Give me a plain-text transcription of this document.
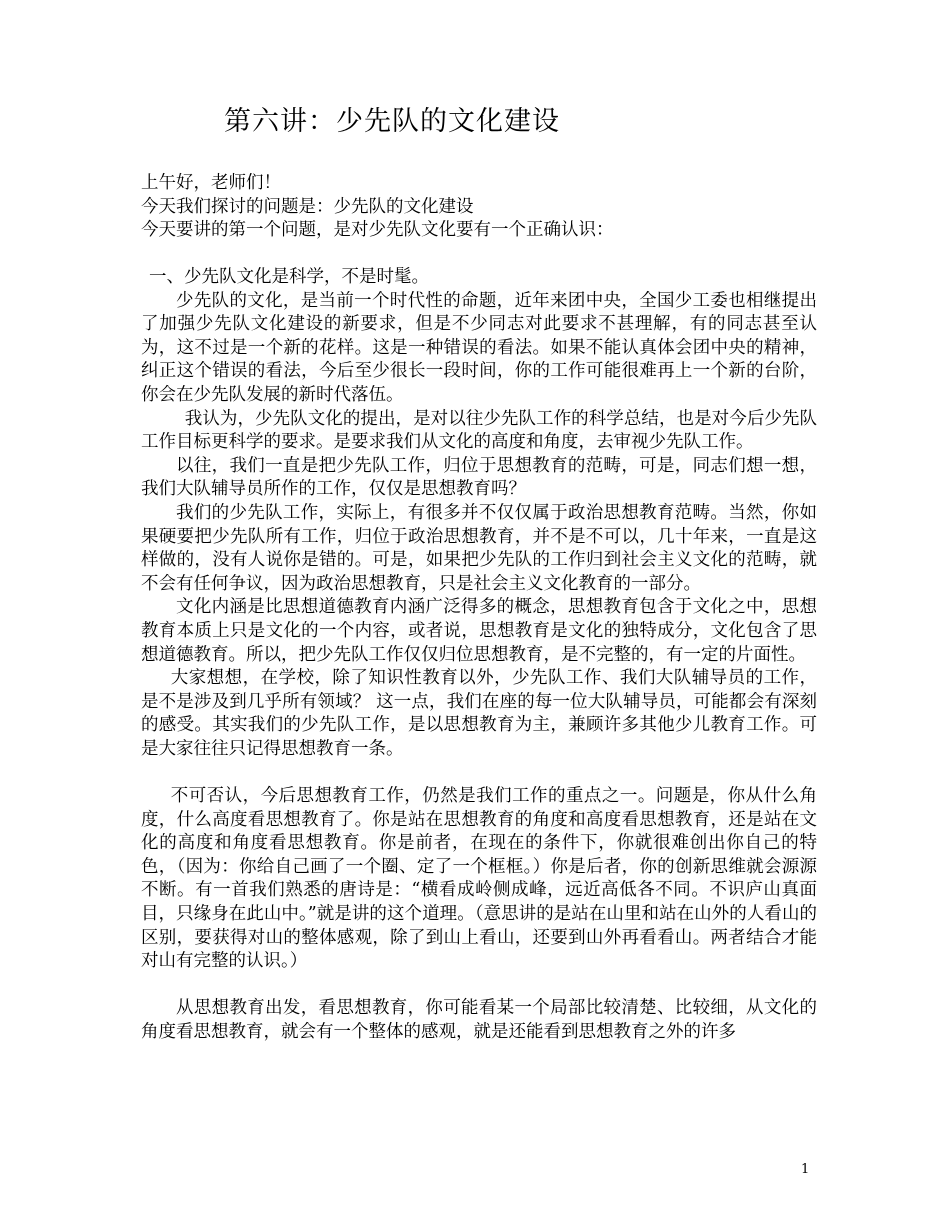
第六讲：少先队的文化建设
上午好，老师们！
今天我们探讨的问题是：少先队的文化建设
今天要讲的第一个问题，是对少先队文化要有一个正确认识：
一、少先队文化是科学，不是时髦。

少先队的文化，是当前一个时代性的命题，近年来团中央，全国少工委也相继提出了加强少先队文化建设的新要求，但是不少同志对此要求不甚理解，有的同志甚至认为，这不过是一个新的花样。这是一种错误的看法。如果不能认真体会团中央的精神，纠正这个错误的看法，今后至少很长一段时间，你的工作可能很难再上一个新的台阶，你会在少先队发展的新时代落伍。

我认为，少先队文化的提出，是对以往少先队工作的科学总结，也是对今后少先队工作目标更科学的要求。是要求我们从文化的高度和角度，去审视少先队工作。

以往，我们一直是把少先队工作，归位于思想教育的范畴，可是，同志们想一想，我们大队辅导员所作的工作，仅仅是思想教育吗？

我们的少先队工作，实际上，有很多并不仅仅属于政治思想教育范畴。当然，你如果硬要把少先队所有工作，归位于政治思想教育，并不是不可以，几十年来，一直是这样做的，没有人说你是错的。可是，如果把少先队的工作归到社会主义文化的范畴，就不会有任何争议，因为政治思想教育，只是社会主义文化教育的一部分。

文化内涵是比思想道德教育内涵广泛得多的概念，思想教育包含于文化之中，思想教育本质上只是文化的一个内容，或者说，思想教育是文化的独特成分，文化包含了思想道德教育。所以，把少先队工作仅仅归位思想教育，是不完整的，有一定的片面性。

大家想想，在学校，除了知识性教育以外，少先队工作、我们大队辅导员的工作，是不是涉及到几乎所有领域？ 这一点，我们在座的每一位大队辅导员，可能都会有深刻的感受。其实我们的少先队工作，是以思想教育为主，兼顾许多其他少儿教育工作。可是大家往往只记得思想教育一条。

不可否认，今后思想教育工作，仍然是我们工作的重点之一。问题是，你从什么角度，什么高度看思想教育了。你是站在思想教育的角度和高度看思想教育，还是站在文化的高度和角度看思想教育。你是前者，在现在的条件下，你就很难创出你自己的特色，（因为：你给自己画了一个圈、定了一个框框。）你是后者，你的创新思维就会源源不断。有一首我们熟悉的唐诗是：“横看成岭侧成峰，远近高低各不同。不识庐山真面目，只缘身在此山中。”就是讲的这个道理。（意思讲的是站在山里和站在山外的人看山的区别，要获得对山的整体感观，除了到山上看山，还要到山外再看看山。两者结合才能对山有完整的认识。）

从思想教育出发，看思想教育，你可能看某一个局部比较清楚、比较细，从文化的角度看思想教育，就会有一个整体的感观，就是还能看到思想教育之外的许多

1
